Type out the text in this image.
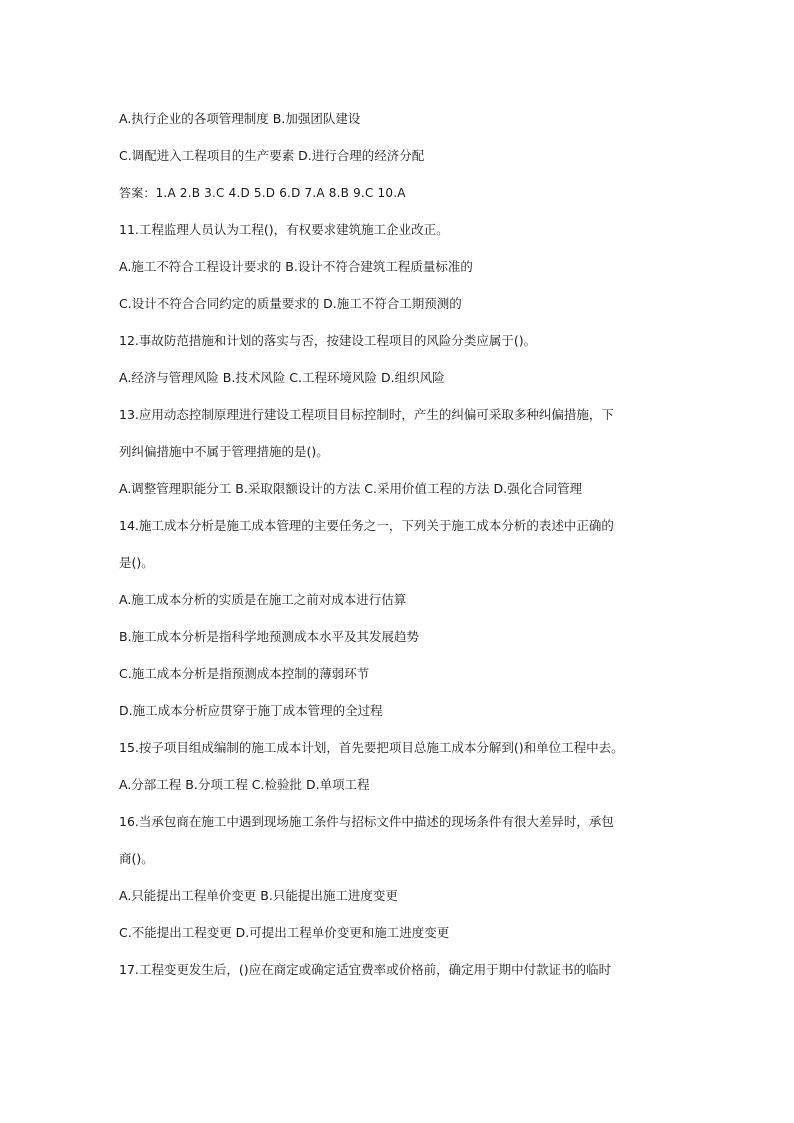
A.执行企业的各项管理制度 B.加强团队建设
C.调配进入工程项目的生产要素 D.进行合理的经济分配
答案：1.A 2.B 3.C 4.D 5.D 6.D 7.A 8.B 9.C 10.A
11.工程监理人员认为工程()，有权要求建筑施工企业改正。
A.施工不符合工程设计要求的 B.设计不符合建筑工程质量标准的
C.设计不符合合同约定的质量要求的 D.施工不符合工期预测的
12.事故防范措施和计划的落实与否，按建设工程项目的风险分类应属于()。
A.经济与管理风险 B.技术风险 C.工程环境风险 D.组织风险
13.应用动态控制原理进行建设工程项目目标控制时，产生的纠偏可采取多种纠偏措施，下
列纠偏措施中不属于管理措施的是()。
A.调整管理职能分工 B.采取限额设计的方法 C.采用价值工程的方法 D.强化合同管理
14.施工成本分析是施工成本管理的主要任务之一，下列关于施工成本分析的表述中正确的
是()。
A.施工成本分析的实质是在施工之前对成本进行估算
B.施工成本分析是指科学地预测成本水平及其发展趋势
C.施工成本分析是指预测成本控制的薄弱环节
D.施工成本分析应贯穿于施丁成本管理的全过程
15.按子项目组成编制的施工成本计划，首先要把项目总施工成本分解到()和单位工程中去。
A.分部工程 B.分项工程 C.检验批 D.单项工程
16.当承包商在施工中遇到现场施工条件与招标文件中描述的现场条件有很大差异时，承包
商()。
A.只能提出工程单价变更 B.只能提出施工进度变更
C.不能提出工程变更 D.可提出工程单价变更和施工进度变更
17.工程变更发生后，()应在商定或确定适宜费率或价格前，确定用于期中付款证书的临时
